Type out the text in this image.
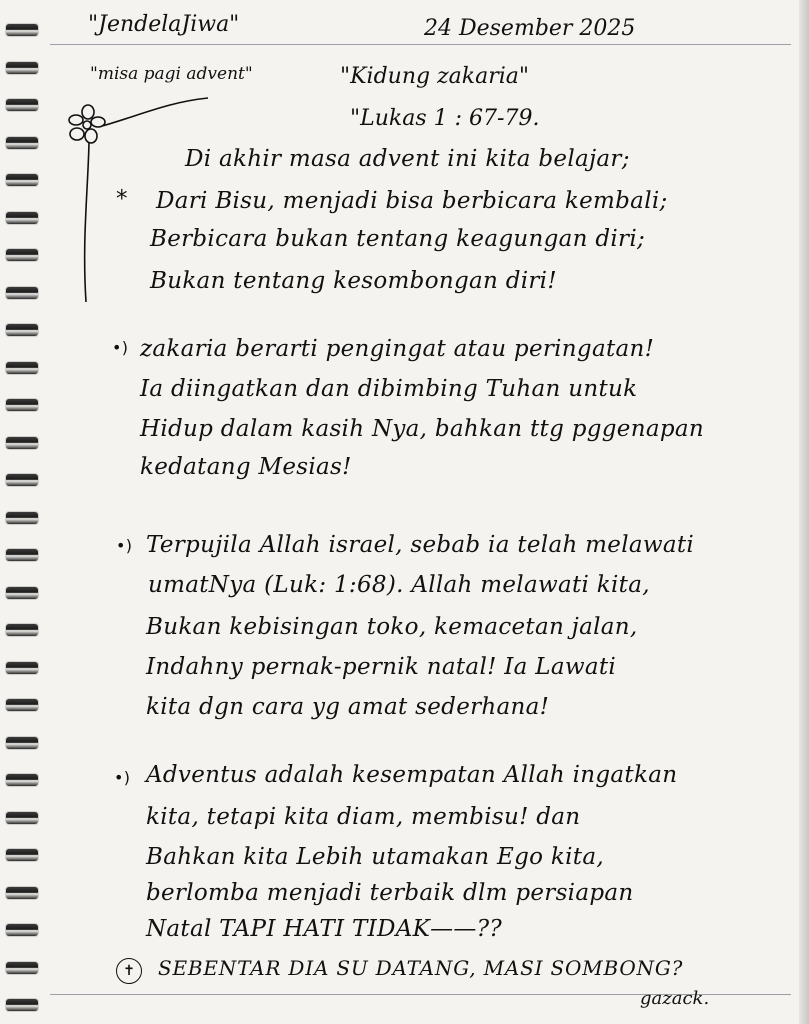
"JendelaJiwa"	24 Desember 2025
"misa pagi advent"	"Kidung zakaria"
"Lukas 1 : 67-79.
Di akhir masa advent ini kita belajar;
* Dari Bisu, menjadi bisa berbicara kembali;
Berbicara bukan tentang keagungan diri;
Bukan tentang kesombongan diri!
•) zakaria berarti pengingat atau peringatan!
Ia diingatkan dan dibimbing Tuhan untuk
Hidup dalam kasih Nya, bahkan ttg pggenapan
kedatang Mesias!
•) Terpujila Allah israel, sebab ia telah melawati
umatNya (Luk: 1:68). Allah melawati kita,
Bukan kebisingan toko, kemacetan jalan,
Indahny pernak-pernik natal! Ia Lawati
kita dgn cara yg amat sederhana!
•) Adventus adalah kesempatan Allah ingatkan
kita, tetapi kita diam, membisu! dan
Bahkan kita Lebih utamakan Ego kita,
berlomba menjadi terbaik dlm persiapan
Natal TAPI HATI TIDAK——??
✝	SEBENTAR DIA SU DATANG, MASI SOMBONG?
gazack.
